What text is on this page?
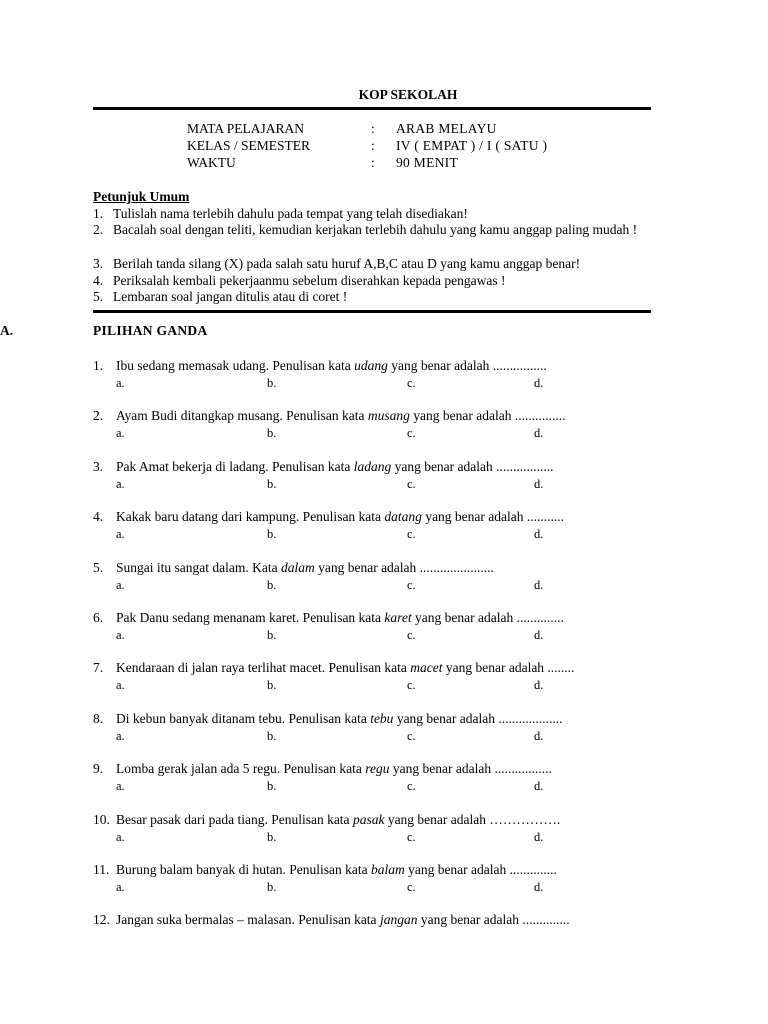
KOP SEKOLAH
MATA PELAJARAN	: ARAB MELAYU
KELAS / SEMESTER	: IV ( EMPAT ) / I ( SATU )
WAKTU	: 90 MENIT
Petunjuk Umum
1. Tulislah nama terlebih dahulu pada tempat yang telah disediakan!
2. Bacalah soal dengan teliti, kemudian kerjakan terlebih dahulu yang kamu anggap paling mudah !
3. Berilah tanda silang (X) pada salah satu huruf A,B,C atau D yang kamu anggap benar!
4. Periksalah kembali pekerjaanmu sebelum diserahkan kepada pengawas !
5. Lembaran soal jangan ditulis atau di coret !
A.	PILIHAN GANDA
1. Ibu sedang memasak udang. Penulisan kata udang yang benar adalah ................
a.	b.	c.	d.
2. Ayam Budi ditangkap musang. Penulisan kata musang yang benar adalah ...............
a.	b.	c.	d.
3. Pak Amat bekerja di ladang. Penulisan kata ladang yang benar adalah .................
a.	b.	c.	d.
4. Kakak baru datang dari kampung. Penulisan kata datang yang benar adalah ...........
a.	b.	c.	d.
5. Sungai itu sangat dalam. Kata dalam yang benar adalah ......................
a.	b.	c.	d.
6. Pak Danu sedang menanam karet. Penulisan kata karet yang benar adalah ..............
a.	b.	c.	d.
7. Kendaraan di jalan raya terlihat macet. Penulisan kata macet yang benar adalah ........
a.	b.	c.	d.
8. Di kebun banyak ditanam tebu. Penulisan kata tebu yang benar adalah ...................
a.	b.	c.	d.
9. Lomba gerak jalan ada 5 regu. Penulisan kata regu yang benar adalah .................
a.	b.	c.	d.
10. Besar pasak dari pada tiang. Penulisan kata pasak yang benar adalah …………….
a.	b.	c.	d.
11. Burung balam banyak di hutan. Penulisan kata balam yang benar adalah ..............
a.	b.	c.	d.
12. Jangan suka bermalas – malasan. Penulisan kata jangan yang benar adalah ..............
